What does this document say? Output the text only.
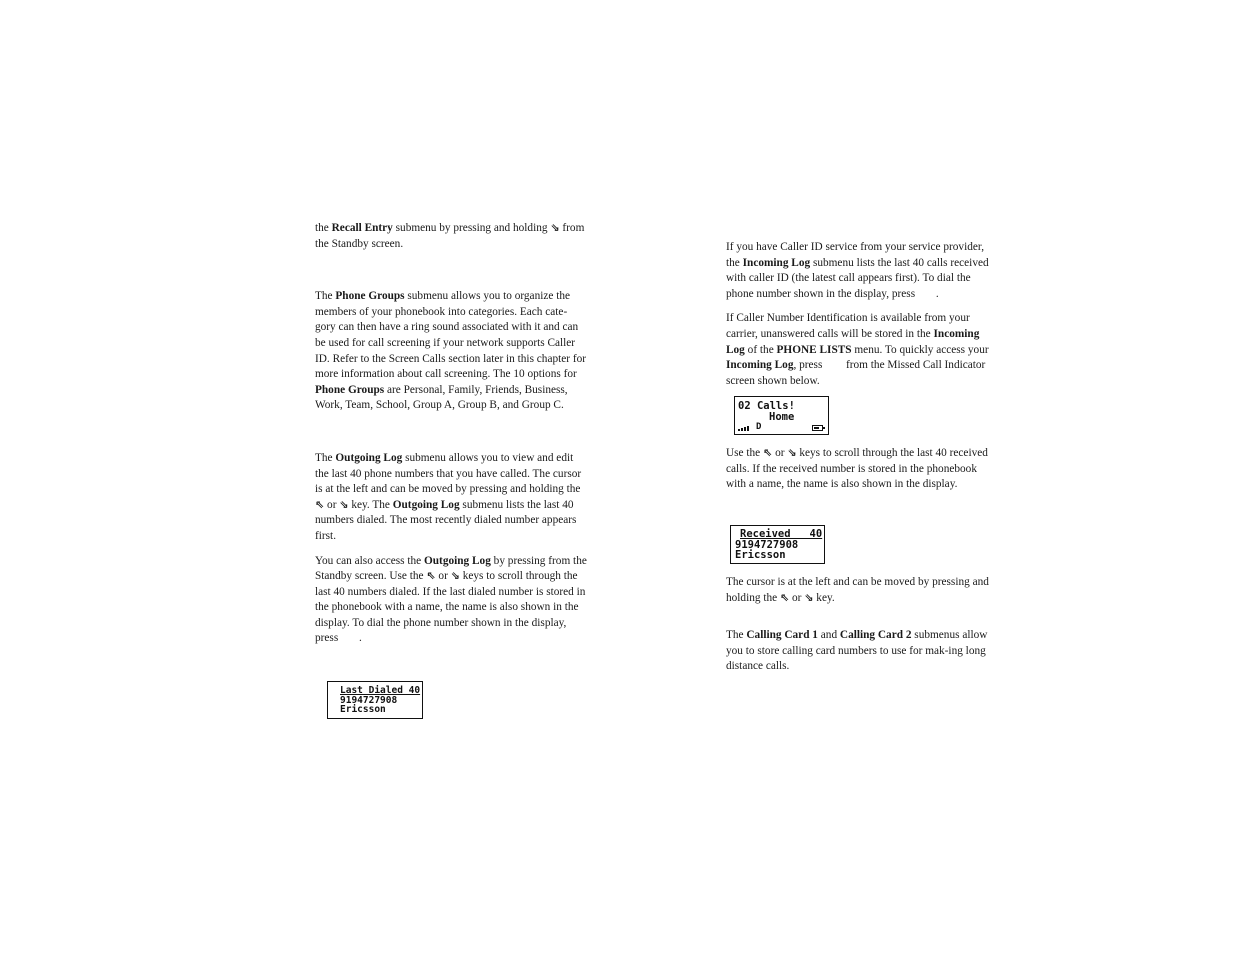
the Recall Entry submenu by pressing and holding ⇘ from the Standby screen.

The Phone Groups submenu allows you to organize the members of your phonebook into categories. Each cate-gory can then have a ring sound associated with it and can be used for call screening if your network supports Caller ID. Refer to the Screen Calls section later in this chapter for more information about call screening. The 10 options for Phone Groups are Personal, Family, Friends, Business, Work, Team, School, Group A, Group B, and Group C.

The Outgoing Log submenu allows you to view and edit the last 40 phone numbers that you have called. The cursor is at the left and can be moved by pressing and holding the ⇖ or ⇘ key. The Outgoing Log submenu lists the last 40 numbers dialed. The most recently dialed number appears first.

You can also access the Outgoing Log by pressing from the Standby screen. Use the ⇖ or ⇘ keys to scroll through the last 40 numbers dialed. If the last dialed number is stored in the phonebook with a name, the name is also shown in the display. To dial the phone number shown in the display, press .

Last Dialed 40
9194727908
Ericsson

If you have Caller ID service from your service provider, the Incoming Log submenu lists the last 40 calls received with caller ID (the latest call appears first). To dial the phone number shown in the display, press .

If Caller Number Identification is available from your carrier, unanswered calls will be stored in the Incoming Log of the PHONE LISTS menu. To quickly access your Incoming Log, press  from the Missed Call Indicator screen shown below.

02 Calls!
Home
D

Use the ⇖ or ⇘ keys to scroll through the last 40 received calls. If the received number is stored in the phonebook with a name, the name is also shown in the display.

Received   40
9194727908
Ericsson

The cursor is at the left and can be moved by pressing and holding the ⇖ or ⇘ key.

The Calling Card 1 and Calling Card 2 submenus allow you to store calling card numbers to use for mak-ing long distance calls.
